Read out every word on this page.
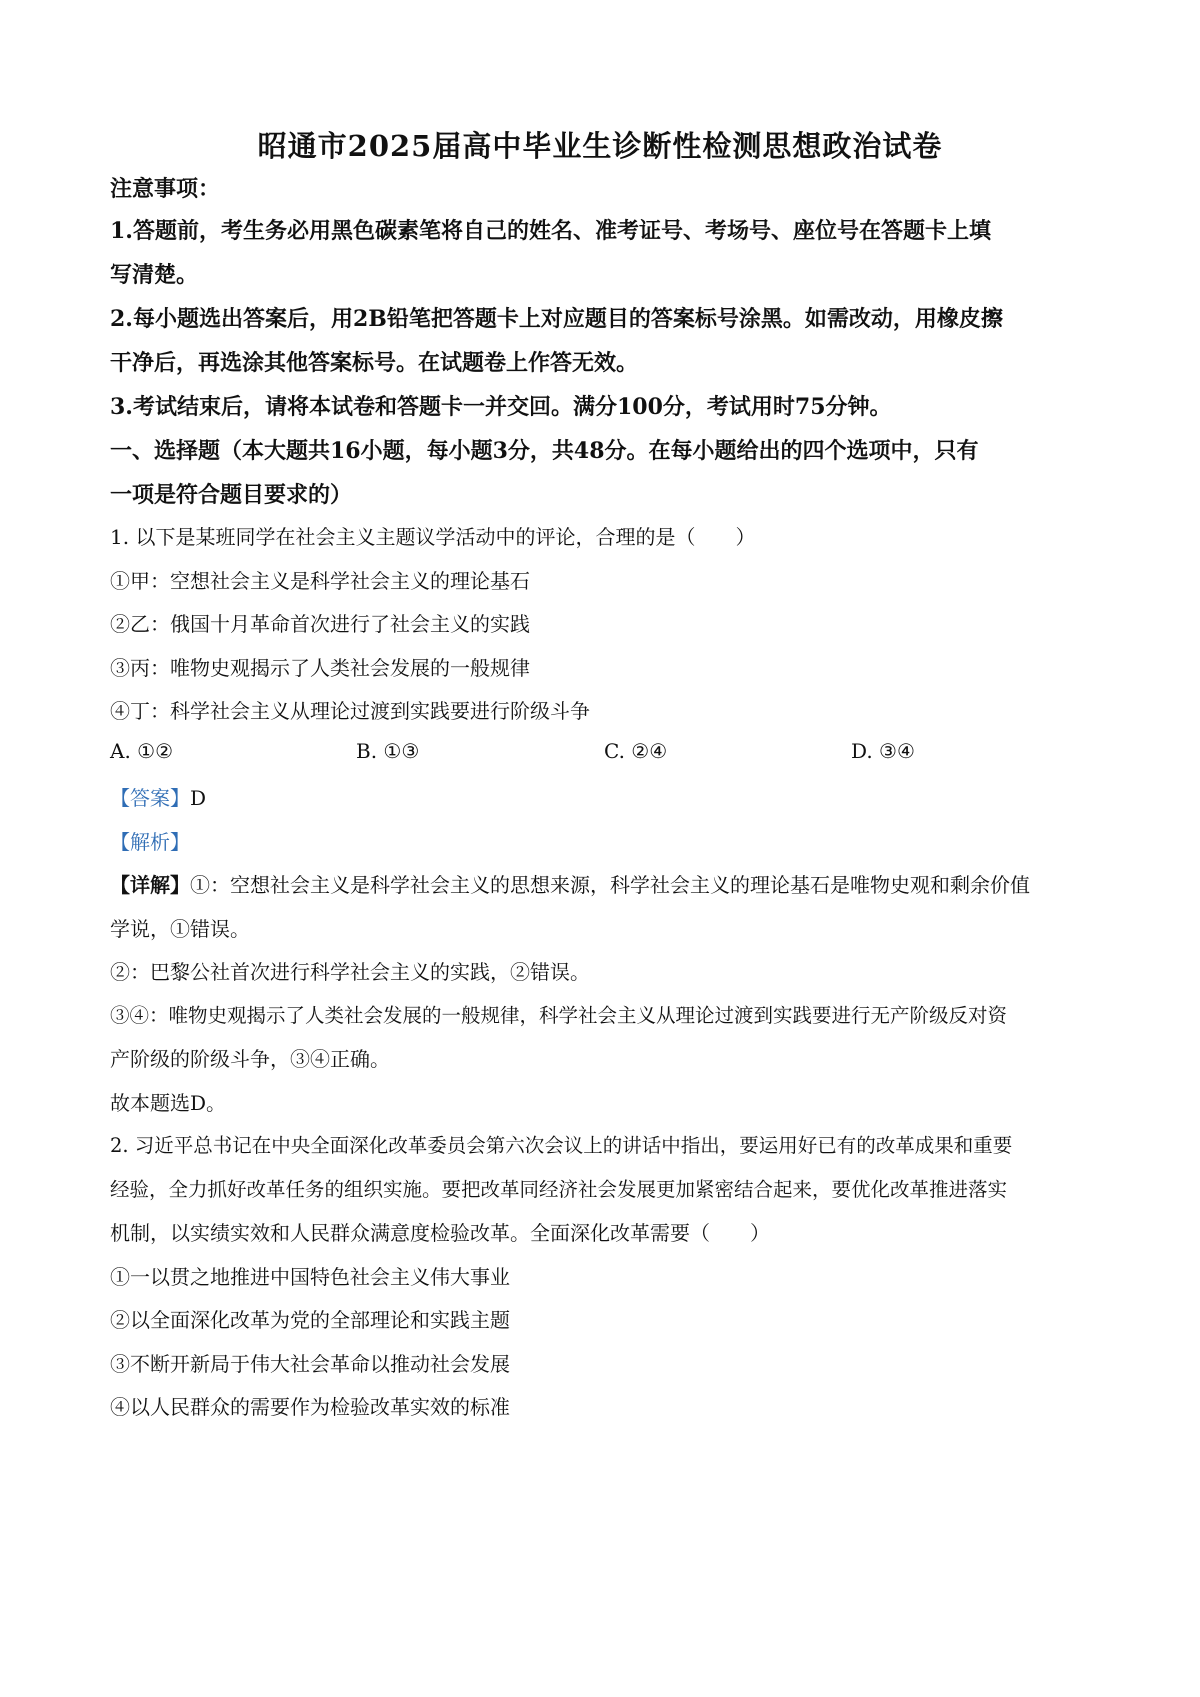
昭通市2025届高中毕业生诊断性检测思想政治试卷
注意事项：
1.答题前，考生务必用黑色碳素笔将自己的姓名、准考证号、考场号、座位号在答题卡上填
写清楚。
2.每小题选出答案后，用2B铅笔把答题卡上对应题目的答案标号涂黑。如需改动，用橡皮擦
干净后，再选涂其他答案标号。在试题卷上作答无效。
3.考试结束后，请将本试卷和答题卡一并交回。满分100分，考试用时75分钟。
一、选择题（本大题共16小题，每小题3分，共48分。在每小题给出的四个选项中，只有
一项是符合题目要求的）
1. 以下是某班同学在社会主义主题议学活动中的评论，合理的是（　　）
①甲：空想社会主义是科学社会主义的理论基石
②乙：俄国十月革命首次进行了社会主义的实践
③丙：唯物史观揭示了人类社会发展的一般规律
④丁：科学社会主义从理论过渡到实践要进行阶级斗争
A. ①②	B. ①③	C. ②④	D. ③④
【答案】D
【解析】
【详解】①：空想社会主义是科学社会主义的思想来源，科学社会主义的理论基石是唯物史观和剩余价值
学说，①错误。
②：巴黎公社首次进行科学社会主义的实践，②错误。
③④：唯物史观揭示了人类社会发展的一般规律，科学社会主义从理论过渡到实践要进行无产阶级反对资
产阶级的阶级斗争，③④正确。
故本题选D。
2. 习近平总书记在中央全面深化改革委员会第六次会议上的讲话中指出，要运用好已有的改革成果和重要
经验，全力抓好改革任务的组织实施。要把改革同经济社会发展更加紧密结合起来，要优化改革推进落实
机制，以实绩实效和人民群众满意度检验改革。全面深化改革需要（　　）
①一以贯之地推进中国特色社会主义伟大事业
②以全面深化改革为党的全部理论和实践主题
③不断开新局于伟大社会革命以推动社会发展
④以人民群众的需要作为检验改革实效的标准
